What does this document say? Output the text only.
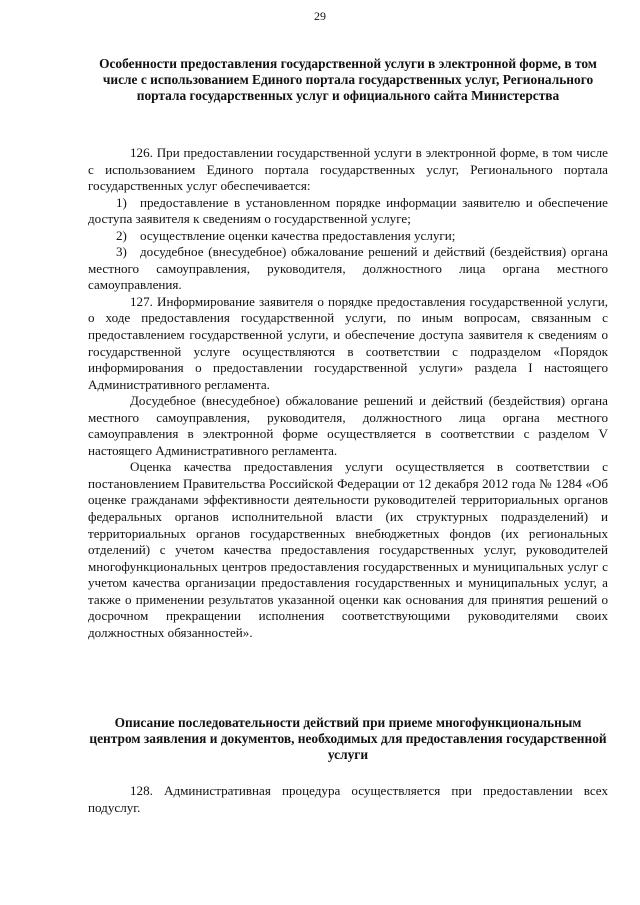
29
Особенности предоставления государственной услуги в электронной форме, в том числе с использованием Единого портала государственных услуг, Регионального портала государственных услуг и официального сайта Министерства

126. При предоставлении государственной услуги в электронной форме, в том числе с использованием Единого портала государственных услуг, Регионального портала государственных услуг обеспечивается:

1) предоставление в установленном порядке информации заявителю и обеспечение доступа заявителя к сведениям о государственной услуге;

2) осуществление оценки качества предоставления услуги;

3) досудебное (внесудебное) обжалование решений и действий (бездействия) органа местного самоуправления, руководителя, должностного лица органа местного самоуправления.

127. Информирование заявителя о порядке предоставления государственной услуги, о ходе предоставления государственной услуги, по иным вопросам, связанным с предоставлением государственной услуги, и обеспечение доступа заявителя к сведениям о государственной услуге осуществляются в соответствии с подразделом «Порядок информирования о предоставлении государственной услуги» раздела I настоящего Административного регламента.

Досудебное (внесудебное) обжалование решений и действий (бездействия) органа местного самоуправления, руководителя, должностного лица органа местного самоуправления в электронной форме осуществляется в соответствии с разделом V настоящего Административного регламента.

Оценка качества предоставления услуги осуществляется в соответствии с постановлением Правительства Российской Федерации от 12 декабря 2012 года № 1284 «Об оценке гражданами эффективности деятельности руководителей территориальных органов федеральных органов исполнительной власти (их структурных подразделений) и территориальных органов государственных внебюджетных фондов (их региональных отделений) с учетом качества предоставления государственных услуг, руководителей многофункциональных центров предоставления государственных и муниципальных услуг с учетом качества организации предоставления государственных и муниципальных услуг, а также о применении результатов указанной оценки как основания для принятия решений о досрочном прекращении исполнения соответствующими руководителями своих должностных обязанностей».

Описание последовательности действий при приеме многофункциональным центром заявления и документов, необходимых для предоставления государственной услуги

128. Административная процедура осуществляется при предоставлении всех подуслуг.
